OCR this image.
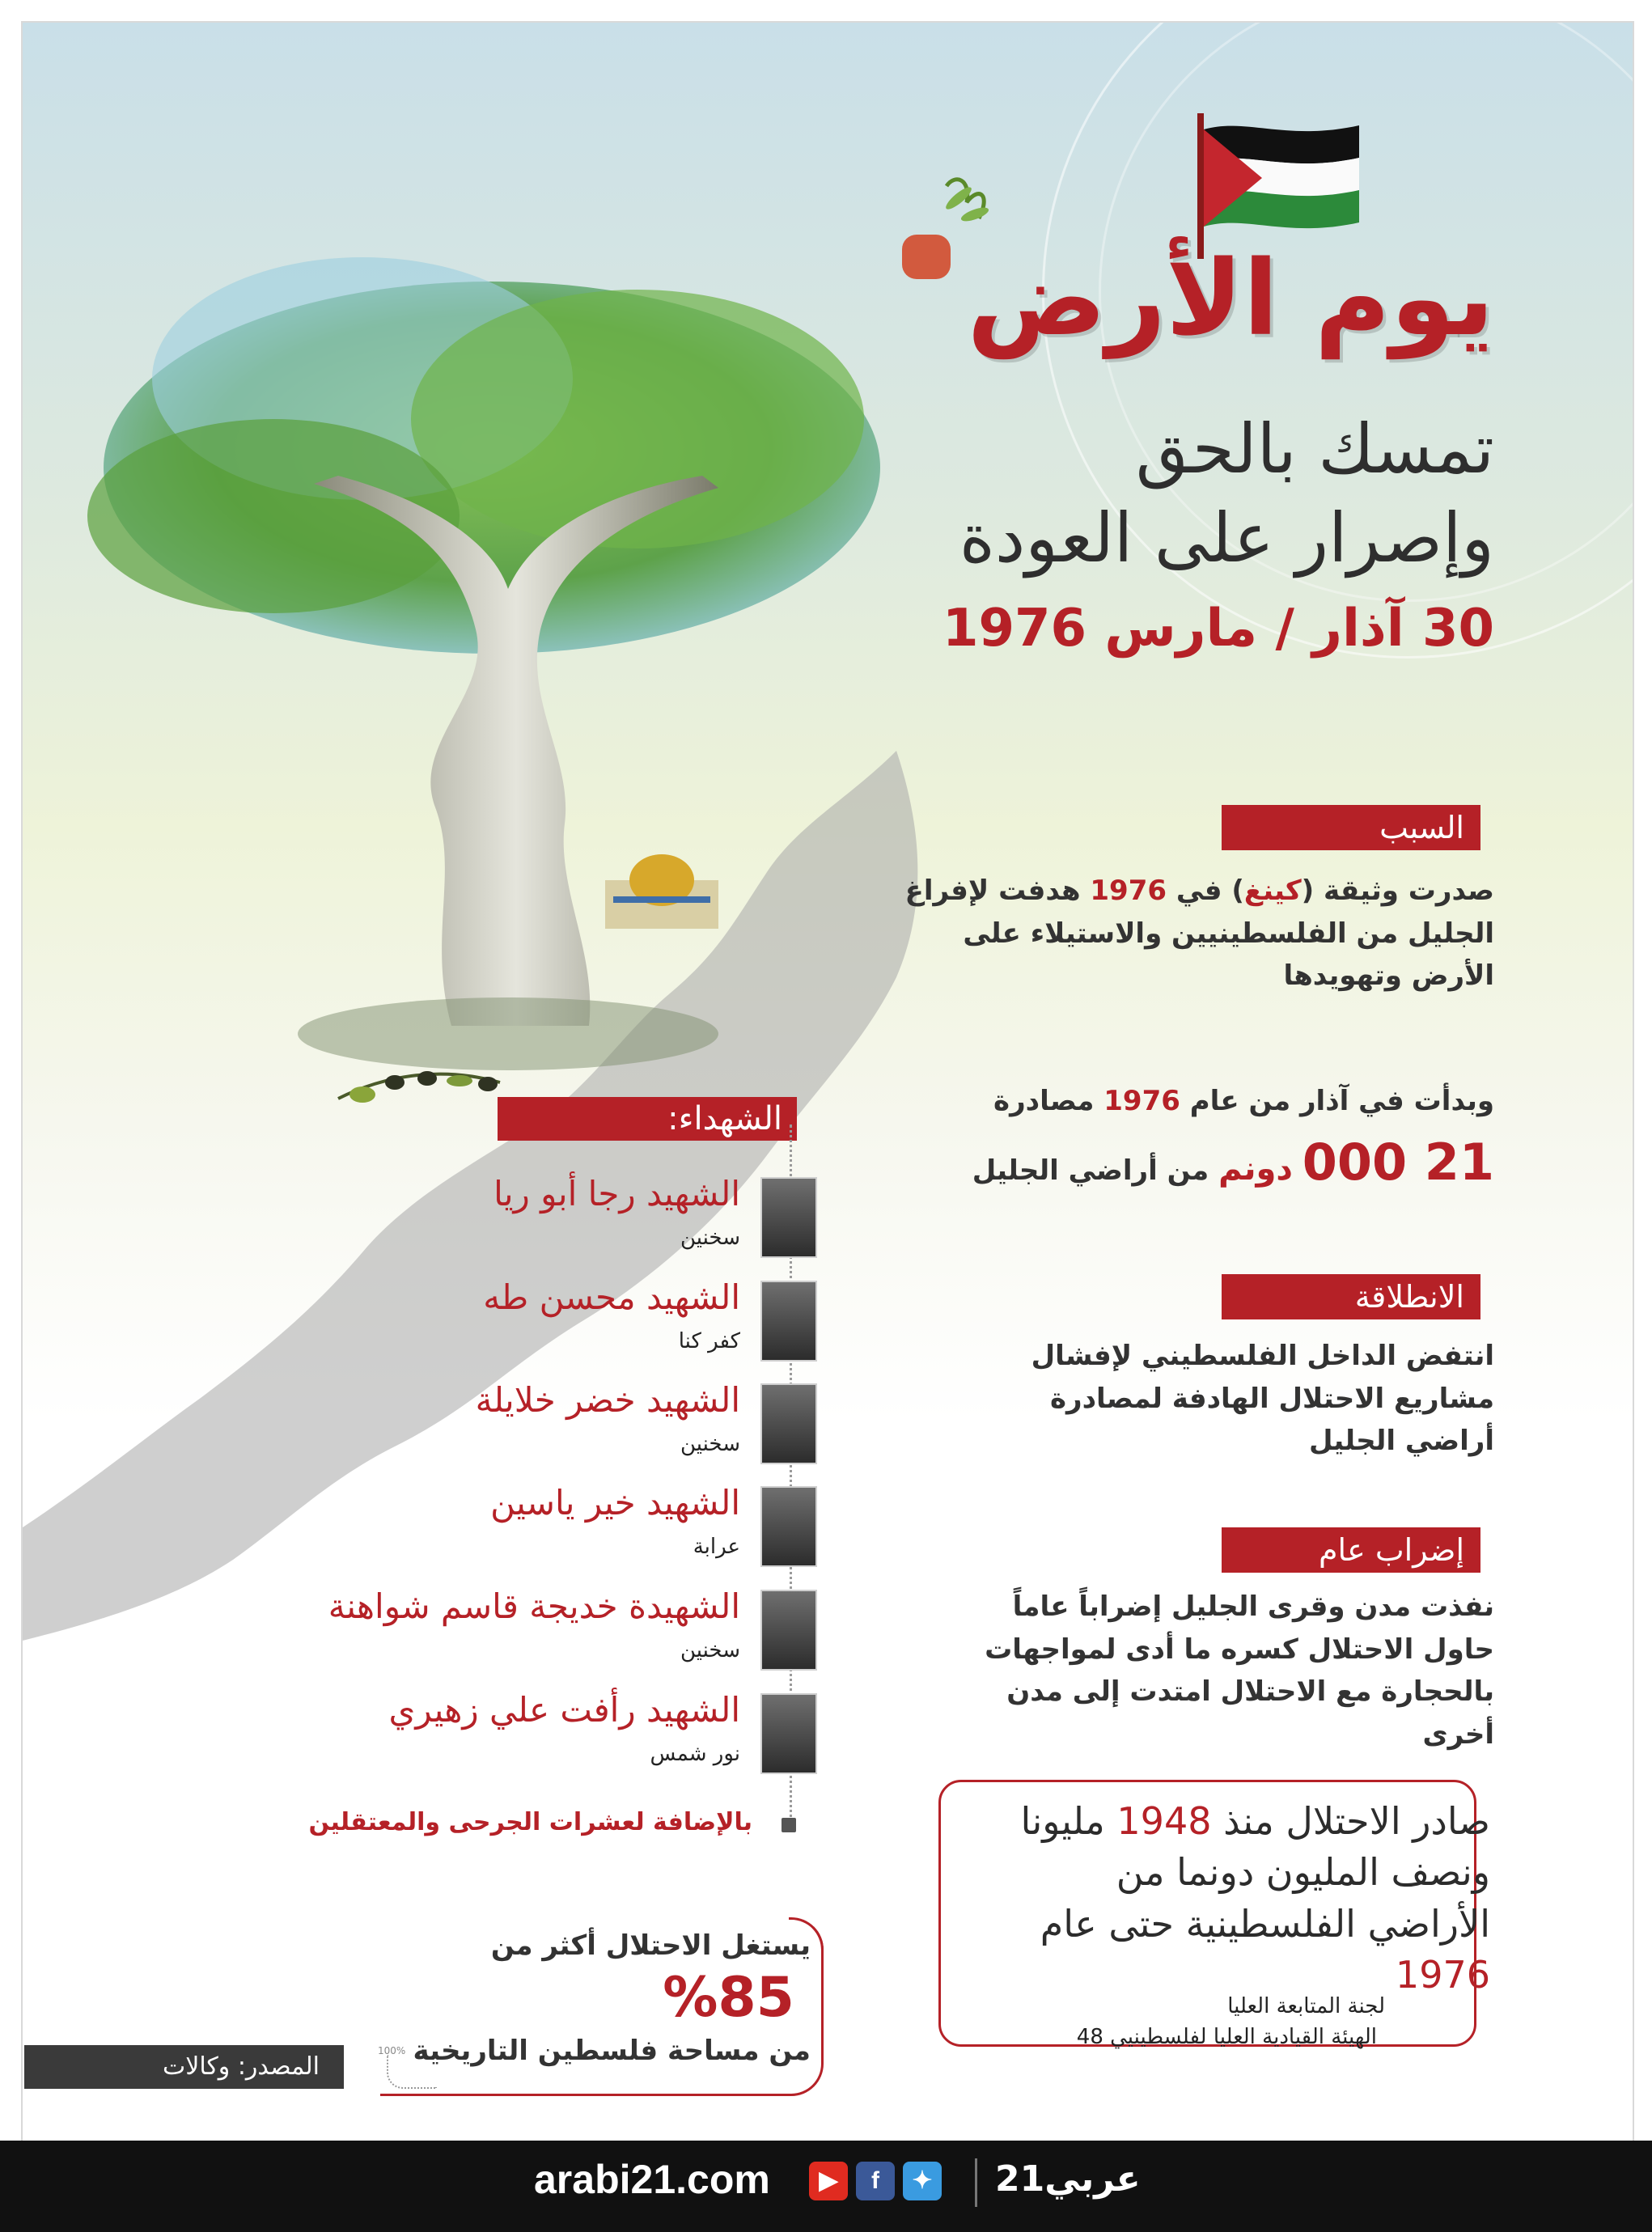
يوم الأرض
تمسك بالحق
وإصرار على العودة
30 آذار / مارس 1976
السبب
صدرت وثيقة (كينغ) في 1976 هدفت لإفراغ الجليل من الفلسطينيين والاستيلاء على الأرض وتهويدها
وبدأت في آذار من عام 1976 مصادرة
21 000 دونم من أراضي الجليل
الانطلاقة
انتفض الداخل الفلسطيني لإفشال مشاريع الاحتلال الهادفة لمصادرة أراضي الجليل
إضراب عام
نفذت مدن وقرى الجليل إضراباً عاماً حاول الاحتلال كسره ما أدى لمواجهات بالحجارة مع الاحتلال امتدت إلى مدن أخرى
صادر الاحتلال منذ 1948 مليونا ونصف المليون دونما من الأراضي الفلسطينية حتى عام 1976
لجنة المتابعة العليا
الهيئة القيادية العليا لفلسطينيي 48
الشهداء:
الشهيد رجا أبو ريا
سخنين
الشهيد محسن طه
كفر كنا
الشهيد خضر خلايلة
سخنين
الشهيد خير ياسين
عرابة
الشهيدة خديجة قاسم شواهنة
سخنين
الشهيد رأفت علي زهيري
نور شمس
بالإضافة لعشرات الجرحى والمعتقلين
يستغل الاحتلال أكثر من
%85
من مساحة فلسطين التاريخية
100%
المصدر: وكالات
arabi21.com	▶	f	✦ عربي21
